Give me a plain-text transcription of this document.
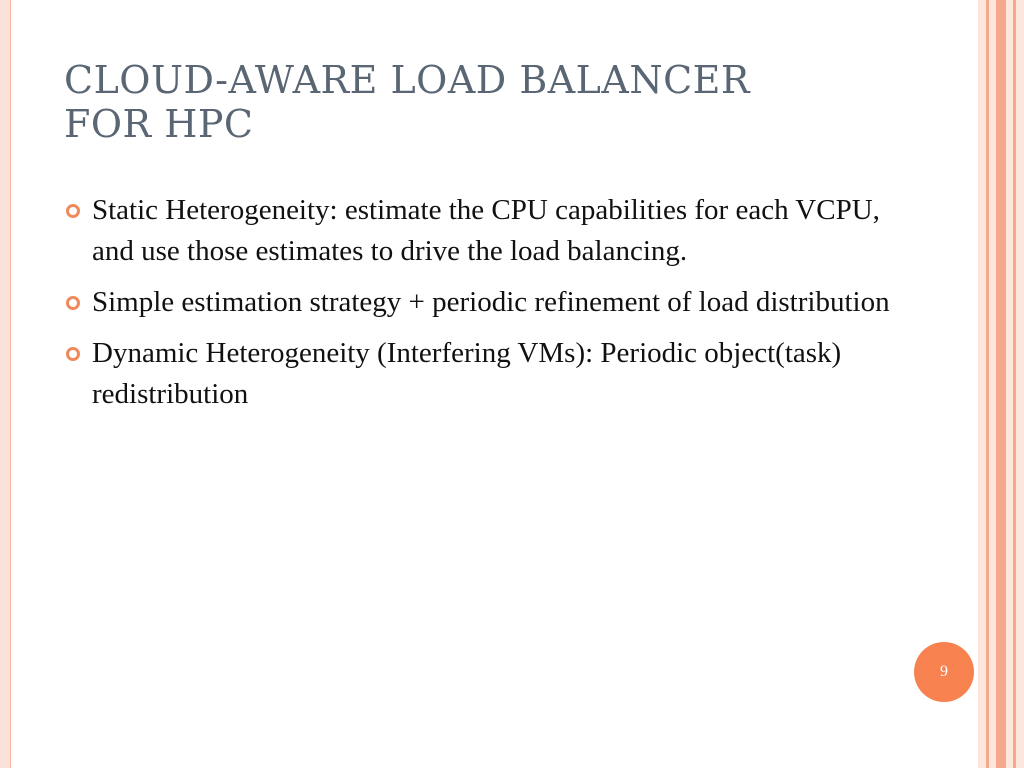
CLOUD-AWARE LOAD BALANCER
FOR HPC
Static Heterogeneity: estimate the CPU capabilities for each VCPU, and use those estimates to drive the load balancing.
Simple estimation strategy + periodic refinement of load distribution
Dynamic Heterogeneity (Interfering VMs): Periodic object(task) redistribution
9
